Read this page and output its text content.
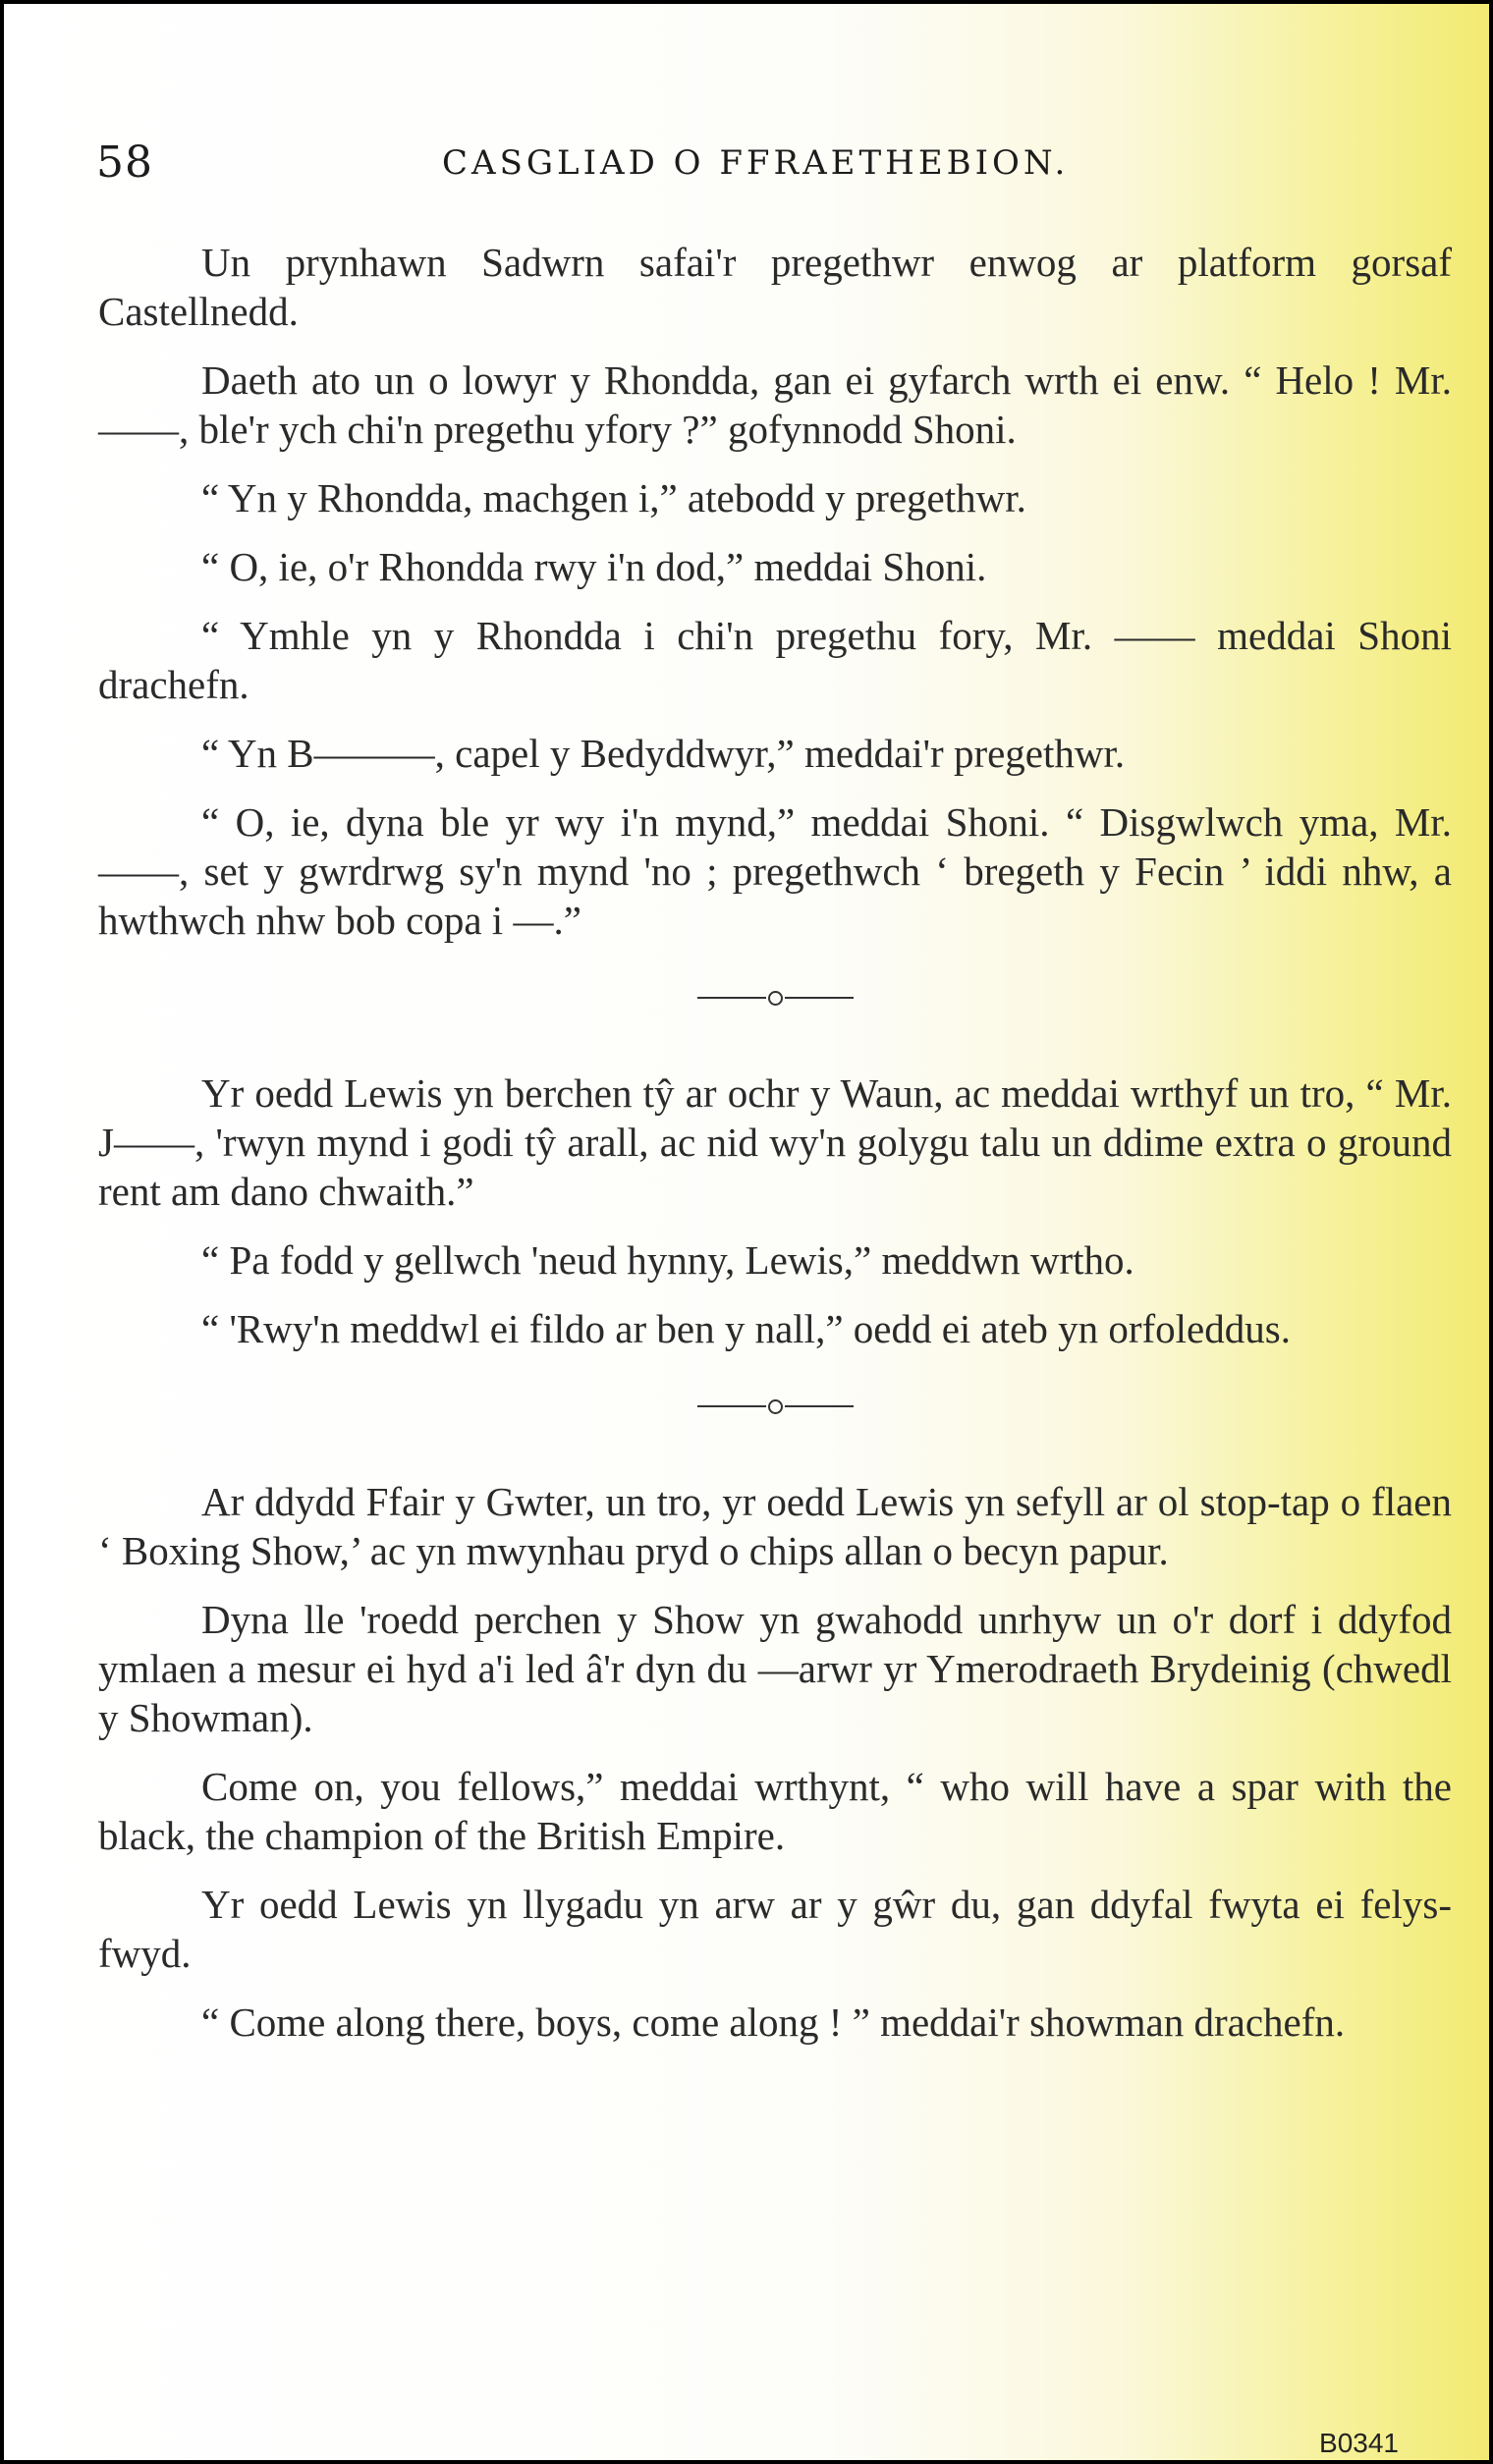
58	CASGLIAD O FFRAETHEBION.

Un prynhawn Sadwrn safai'r pregethwr enwog ar platform gorsaf Castellnedd.

Daeth ato un o lowyr y Rhondda, gan ei gyfarch wrth ei enw. “ Helo ! Mr. ——, ble'r ych chi'n pregethu yfory ?” gofynnodd Shoni.

“ Yn y Rhondda, machgen i,” atebodd y pregethwr.

“ O, ie, o'r Rhondda rwy i'n dod,” meddai Shoni.

“ Ymhle yn y Rhondda i chi'n pregethu fory, Mr. —— meddai Shoni drachefn.

“ Yn B———, capel y Bedyddwyr,” meddai'r pregethwr.

“ O, ie, dyna ble yr wy i'n mynd,” meddai Shoni. “ Disgwlwch yma, Mr. ——, set y gwrdrwg sy'n mynd 'no ; pregethwch ‘ bregeth y Fecin ’ iddi nhw, a hwthwch nhw bob copa i —.”

Yr oedd Lewis yn berchen tŷ ar ochr y Waun, ac meddai wrthyf un tro, “ Mr. J——, 'rwyn mynd i godi tŷ arall, ac nid wy'n golygu talu un ddime extra o ground rent am dano chwaith.”

“ Pa fodd y gellwch 'neud hynny, Lewis,” meddwn wrtho.

“ 'Rwy'n meddwl ei fildo ar ben y nall,” oedd ei ateb yn orfoleddus.

Ar ddydd Ffair y Gwter, un tro, yr oedd Lewis yn sefyll ar ol stop-tap o flaen ‘ Boxing Show,’ ac yn mwynhau pryd o chips allan o becyn papur.

Dyna lle 'roedd perchen y Show yn gwahodd unrhyw un o'r dorf i ddyfod ymlaen a mesur ei hyd a'i led â'r dyn du —arwr yr Ymerodraeth Brydeinig (chwedl y Showman).

Come on, you fellows,” meddai wrthynt, “ who will have a spar with the black, the champion of the British Empire.

Yr oedd Lewis yn llygadu yn arw ar y gŵr du, gan ddyfal fwyta ei felys-fwyd.

“ Come along there, boys, come along ! ” meddai'r showman drachefn.

B0341
